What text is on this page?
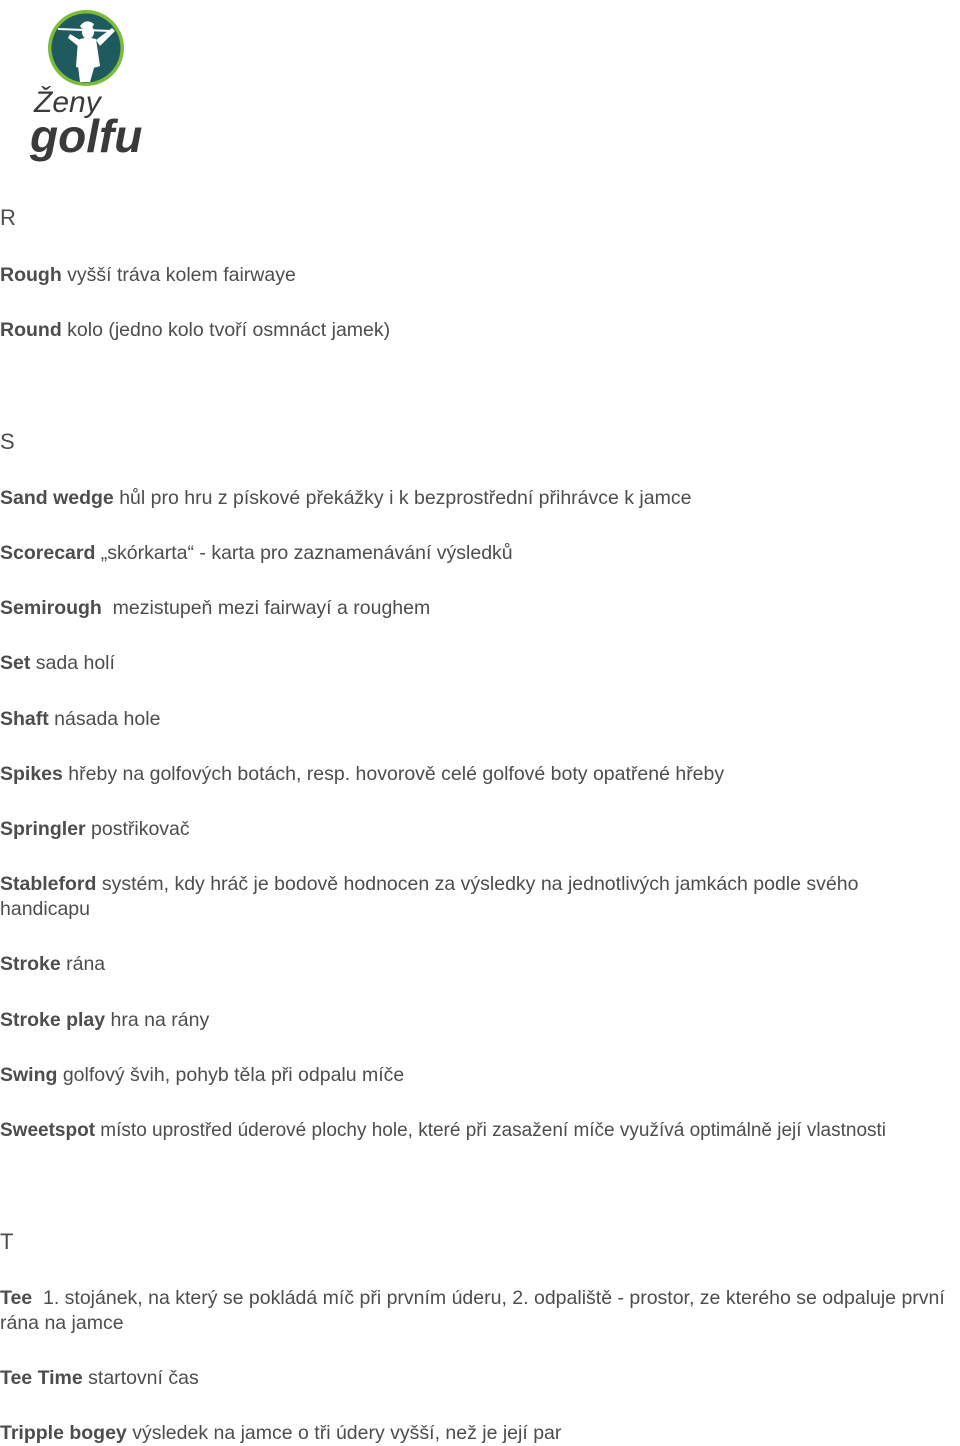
Ženy
golfu
R
Rough vyšší tráva kolem fairwaye
Round kolo (jedno kolo tvoří osmnáct jamek)
S
Sand wedge hůl pro hru z pískové překážky i k bezprostřední přihrávce k jamce
Scorecard „skórkarta“ - karta pro zaznamenávání výsledků
Semirough  mezistupeň mezi fairwayí a roughem
Set sada holí
Shaft násada hole
Spikes hřeby na golfových botách, resp. hovorově celé golfové boty opatřené hřeby
Springler postřikovač
Stableford systém, kdy hráč je bodově hodnocen za výsledky na jednotlivých jamkách podle svého handicapu
Stroke rána
Stroke play hra na rány
Swing golfový švih, pohyb těla při odpalu míče
Sweetspot místo uprostřed úderové plochy hole, které při zasažení míče využívá optimálně její vlastnosti
T
Tee  1. stojánek, na který se pokládá míč při prvním úderu, 2. odpaliště - prostor, ze kterého se odpaluje první rána na jamce
Tee Time startovní čas
Tripple bogey výsledek na jamce o tři údery vyšší, než je její par
